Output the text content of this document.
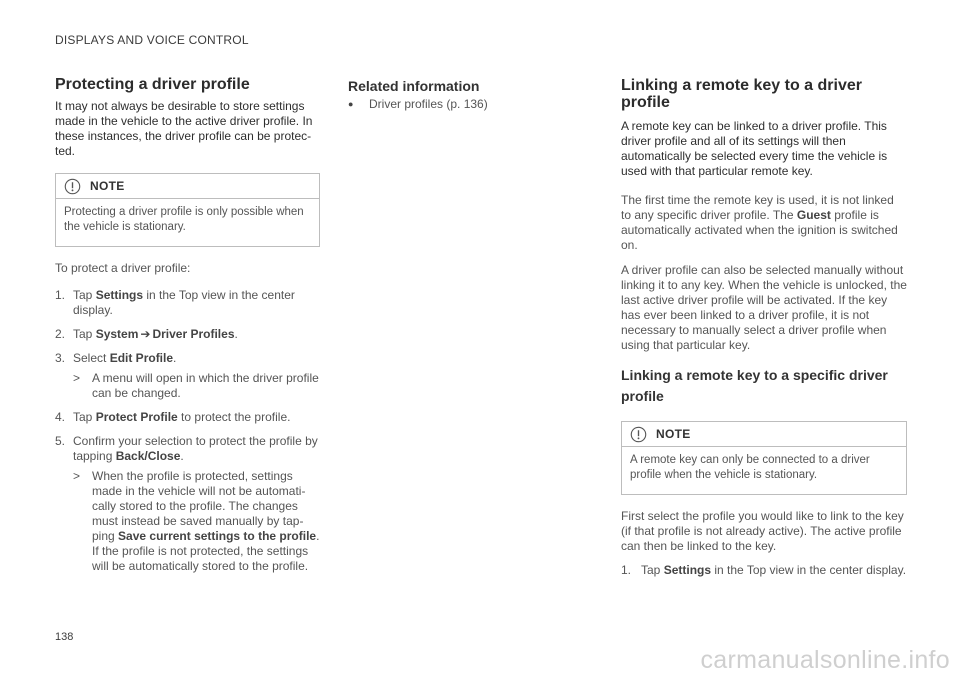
DISPLAYS AND VOICE CONTROL
Protecting a driver profile

It may not always be desirable to store settings made in the vehicle to the active driver profile. In these instances, the driver profile can be protected.

NOTE
Protecting a driver profile is only possible when the vehicle is stationary.

To protect a driver profile:

1. Tap Settings in the Top view in the center display.
2. Tap System ➔ Driver Profiles.
3. Select Edit Profile.
> A menu will open in which the driver profile can be changed.
4. Tap Protect Profile to protect the profile.
5. Confirm your selection to protect the profile by tapping Back/Close.
> When the profile is protected, settings made in the vehicle will not be automatically stored to the profile. The changes must instead be saved manually by tapping Save current settings to the profile. If the profile is not protected, the settings will be automatically stored to the profile.
Related information
●	Driver profiles (p. 136)
Linking a remote key to a driver profile

A remote key can be linked to a driver profile. This driver profile and all of its settings will then automatically be selected every time the vehicle is used with that particular remote key.

The first time the remote key is used, it is not linked to any specific driver profile. The Guest profile is automatically activated when the ignition is switched on.

A driver profile can also be selected manually without linking it to any key. When the vehicle is unlocked, the last active driver profile will be activated. If the key has ever been linked to a driver profile, it is not necessary to manually select a driver profile when using that particular key.

Linking a remote key to a specific driver profile
NOTE
A remote key can only be connected to a driver profile when the vehicle is stationary.

First select the profile you would like to link to the key (if that profile is not already active). The active profile can then be linked to the key.

1. Tap Settings in the Top view in the center display.
138
carmanualsonline.info
